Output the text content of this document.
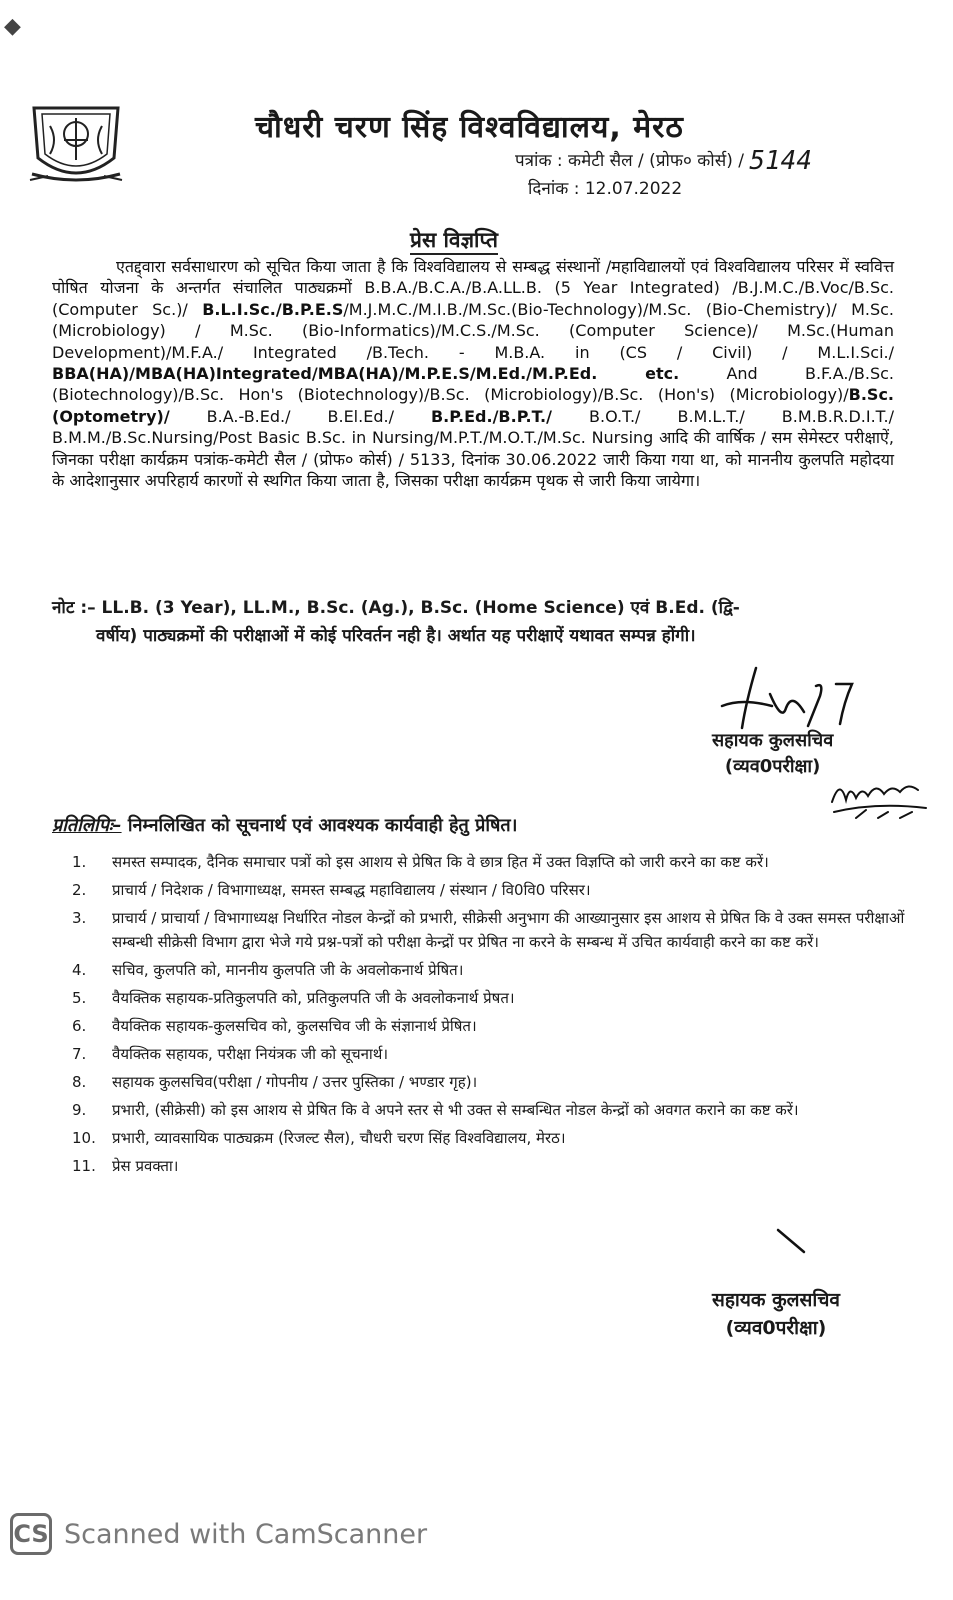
◆
चौधरी चरण सिंह विश्वविद्यालय, मेरठ
पत्रांक : कमेटी सैल / (प्रोफ० कोर्स) / 5144
दिनांक : 12.07.2022
प्रेस विज्ञप्ति

एतद्द्वारा सर्वसाधारण को सूचित किया जाता है कि विश्वविद्यालय से सम्बद्ध संस्थानों /महाविद्यालयों एवं विश्वविद्यालय परिसर में स्ववित्त पोषित योजना के अन्तर्गत संचालित पाठ्यक्रमों B.B.A./B.C.A./B.A.LL.B. (5 Year Integrated) /B.J.M.C./B.Voc/B.Sc. (Computer Sc.)/ B.L.I.Sc./B.P.E.S/M.J.M.C./M.I.B./M.Sc.(Bio-Technology)/M.Sc. (Bio-Chemistry)/ M.Sc. (Microbiology) / M.Sc. (Bio-Informatics)/M.C.S./M.Sc. (Computer Science)/ M.Sc.(Human Development)/M.F.A./ Integrated /B.Tech. - M.B.A. in (CS / Civil) / M.L.I.Sci./ BBA(HA)/MBA(HA)Integrated/MBA(HA)/M.P.E.S/M.Ed./M.P.Ed. etc. And B.F.A./B.Sc. (Biotechnology)/B.Sc. Hon's (Biotechnology)/B.Sc. (Microbiology)/B.Sc. (Hon's) (Microbiology)/B.Sc.(Optometry)/ B.A.-B.Ed./ B.El.Ed./ B.P.Ed./B.P.T./ B.O.T./ B.M.L.T./ B.M.B.R.D.I.T./ B.M.M./B.Sc.Nursing/Post Basic B.Sc. in Nursing/M.P.T./M.O.T./M.Sc. Nursing आदि की वार्षिक / सम सेमेस्टर परीक्षाऐं, जिनका परीक्षा कार्यक्रम पत्रांक-कमेटी सैल / (प्रोफ० कोर्स) / 5133, दिनांक 30.06.2022 जारी किया गया था, को माननीय कुलपति महोदया के आदेशानुसार अपरिहार्य कारणों से स्थगित किया जाता है, जिसका परीक्षा कार्यक्रम पृथक से जारी किया जायेगा।

नोट :– LL.B. (3 Year), LL.M., B.Sc. (Ag.), B.Sc. (Home Science) एवं B.Ed. (द्वि-
वर्षीय) पाठ्यक्रमों की परीक्षाओं में कोई परिवर्तन नही है। अर्थात यह परीक्षाऐं यथावत सम्पन्न होंगी।
सहायक कुलसचिव
(व्यव0परीक्षा)
प्रतिलिपिः– निम्नलिखित को सूचनार्थ एवं आवश्यक कार्यवाही हेतु प्रेषित।
1.	समस्त सम्पादक, दैनिक समाचार पत्रों को इस आशय से प्रेषित कि वे छात्र हित में उक्त विज्ञप्ति को जारी करने का कष्ट करें।
2.	प्राचार्य / निदेशक / विभागाध्यक्ष, समस्त सम्बद्ध महाविद्यालय / संस्थान / वि0वि0 परिसर।
3.	प्राचार्य / प्राचार्या / विभागाध्यक्ष निर्धारित नोडल केन्द्रों को प्रभारी, सीक्रेसी अनुभाग की आख्यानुसार इस आशय से प्रेषित कि वे उक्त समस्त परीक्षाओं सम्बन्धी सीक्रेसी विभाग द्वारा भेजे गये प्रश्न-पत्रों को परीक्षा केन्द्रों पर प्रेषित ना करने के सम्बन्ध में उचित कार्यवाही करने का कष्ट करें।
4.	सचिव, कुलपति को, माननीय कुलपति जी के अवलोकनार्थ प्रेषित।
5.	वैयक्तिक सहायक-प्रतिकुलपति को, प्रतिकुलपति जी के अवलोकनार्थ प्रेषत।
6.	वैयक्तिक सहायक-कुलसचिव को, कुलसचिव जी के संज्ञानार्थ प्रेषित।
7.	वैयक्तिक सहायक, परीक्षा नियंत्रक जी को सूचनार्थ।
8.	सहायक कुलसचिव(परीक्षा / गोपनीय / उत्तर पुस्तिका / भण्डार गृह)।
9.	प्रभारी, (सीक्रेसी) को इस आशय से प्रेषित कि वे अपने स्तर से भी उक्त से सम्बन्धित नोडल केन्द्रों को अवगत कराने का कष्ट करें।
10.	प्रभारी, व्यावसायिक पाठ्यक्रम (रिजल्ट सैल), चौधरी चरण सिंह विश्वविद्यालय, मेरठ।
11.	प्रेस प्रवक्ता।
सहायक कुलसचिव
(व्यव0परीक्षा)
CS Scanned with CamScanner
